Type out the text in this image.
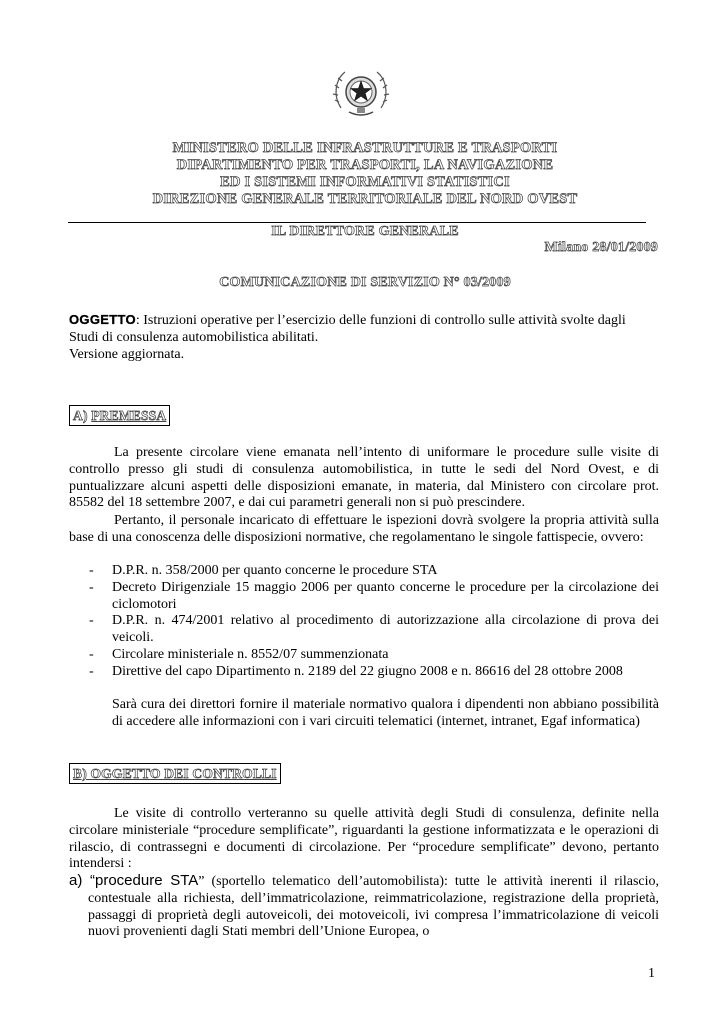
MINISTERO DELLE INFRASTRUTTURE E TRASPORTI
DIPARTIMENTO PER TRASPORTI, LA NAVIGAZIONE
ED I SISTEMI INFORMATIVI STATISTICI
DIREZIONE GENERALE TERRITORIALE DEL NORD OVEST
IL DIRETTORE GENERALE
Milano 28/01/2009
COMUNICAZIONE DI SERVIZIO N° 03/2009
OGGETTO: Istruzioni operative per l’esercizio delle funzioni di controllo sulle attività svolte dagli
Studi di consulenza automobilistica abilitati.
Versione aggiornata.
A) PREMESSA
La presente circolare viene emanata nell’intento di uniformare le procedure sulle visite di controllo presso gli studi di consulenza automobilistica, in tutte le sedi del Nord Ovest, e di puntualizzare alcuni aspetti delle disposizioni emanate, in materia, dal Ministero con circolare prot. 85582 del 18 settembre 2007, e dai cui parametri generali non si può prescindere.
Pertanto, il personale incaricato di effettuare le ispezioni dovrà svolgere la propria attività sulla base di una conoscenza delle disposizioni normative, che regolamentano le singole fattispecie, ovvero:
- D.P.R. n. 358/2000 per quanto concerne le procedure STA
- Decreto Dirigenziale 15 maggio 2006 per quanto concerne le procedure per la circolazione dei ciclomotori
- D.P.R. n. 474/2001 relativo al procedimento di autorizzazione alla circolazione di prova dei veicoli.
- Circolare ministeriale n. 8552/07 summenzionata
- Direttive del capo Dipartimento n. 2189 del 22 giugno 2008 e n. 86616 del 28 ottobre 2008
Sarà cura dei direttori fornire il materiale normativo qualora i dipendenti non abbiano possibilità di accedere alle informazioni con i vari circuiti telematici (internet, intranet, Egaf informatica)
B) OGGETTO DEI CONTROLLI
Le visite di controllo verteranno su quelle attività degli Studi di consulenza, definite nella circolare ministeriale “procedure semplificate”, riguardanti la gestione informatizzata e le operazioni di rilascio, di contrassegni e documenti di circolazione. Per “procedure semplificate” devono, pertanto intendersi :
a) “procedure STA” (sportello telematico dell’automobilista): tutte le attività inerenti il rilascio, contestuale alla richiesta, dell’immatricolazione, reimmatricolazione, registrazione della proprietà, passaggi di proprietà degli autoveicoli, dei motoveicoli, ivi compresa l’immatricolazione di veicoli nuovi provenienti dagli Stati membri dell’Unione Europea, o
1
